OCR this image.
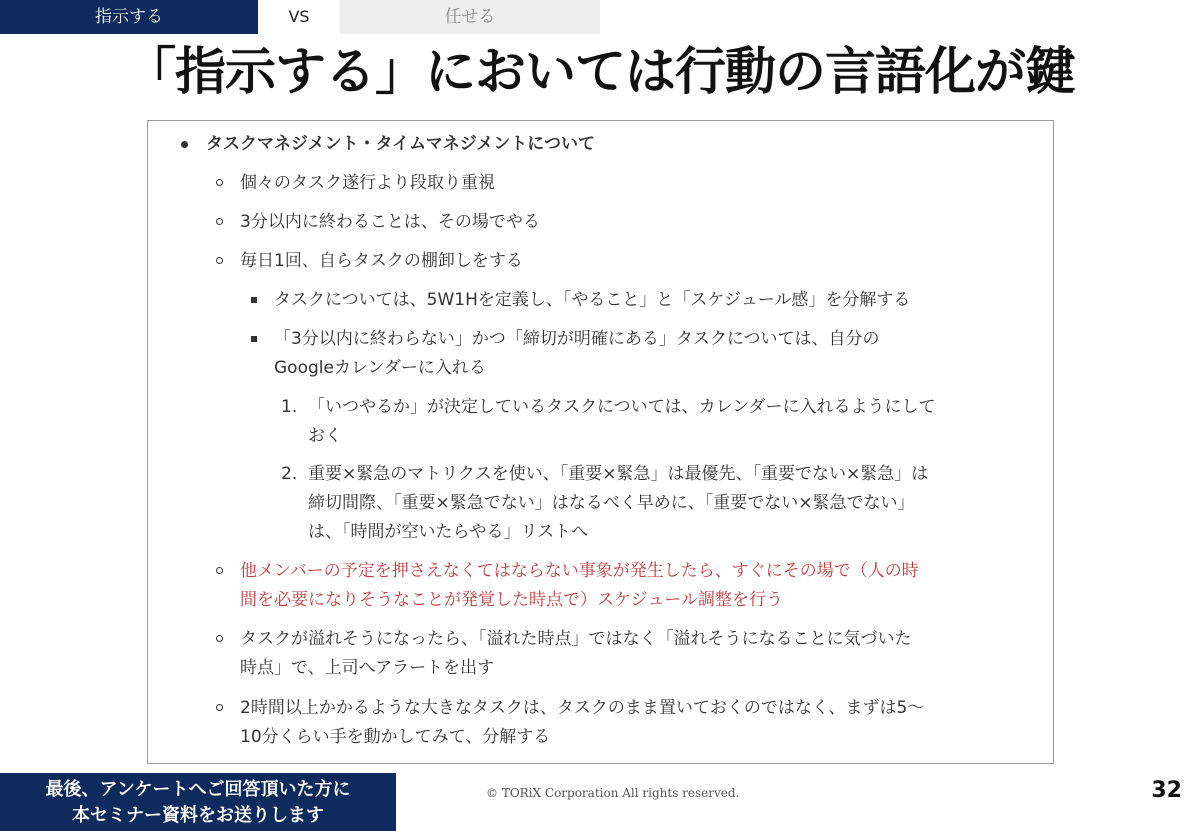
指示する	VS	任せる
「指示する」においては行動の言語化が鍵
タスクマネジメント・タイムマネジメントについて
個々のタスク遂行より段取り重視
3分以内に終わることは、その場でやる
毎日1回、自らタスクの棚卸しをする
タスクについては、5W1Hを定義し、「やること」と「スケジュール感」を分解する
「3分以内に終わらない」かつ「締切が明確にある」タスクについては、自分の
Googleカレンダーに入れる
1. 「いつやるか」が決定しているタスクについては、カレンダーに入れるようにして
おく
2. 重要×緊急のマトリクスを使い、「重要×緊急」は最優先、「重要でない×緊急」は
締切間際、「重要×緊急でない」はなるべく早めに、「重要でない×緊急でない」
は、「時間が空いたらやる」リストへ
他メンバーの予定を押さえなくてはならない事象が発生したら、すぐにその場で（人の時
間を必要になりそうなことが発覚した時点で）スケジュール調整を行う
タスクが溢れそうになったら、「溢れた時点」ではなく「溢れそうになることに気づいた
時点」で、上司へアラートを出す
2時間以上かかるような大きなタスクは、タスクのまま置いておくのではなく、まずは5〜
10分くらい手を動かしてみて、分解する
最後、アンケートへご回答頂いた方に
本セミナー資料をお送りします
© TORiX Corporation All rights reserved.	32
